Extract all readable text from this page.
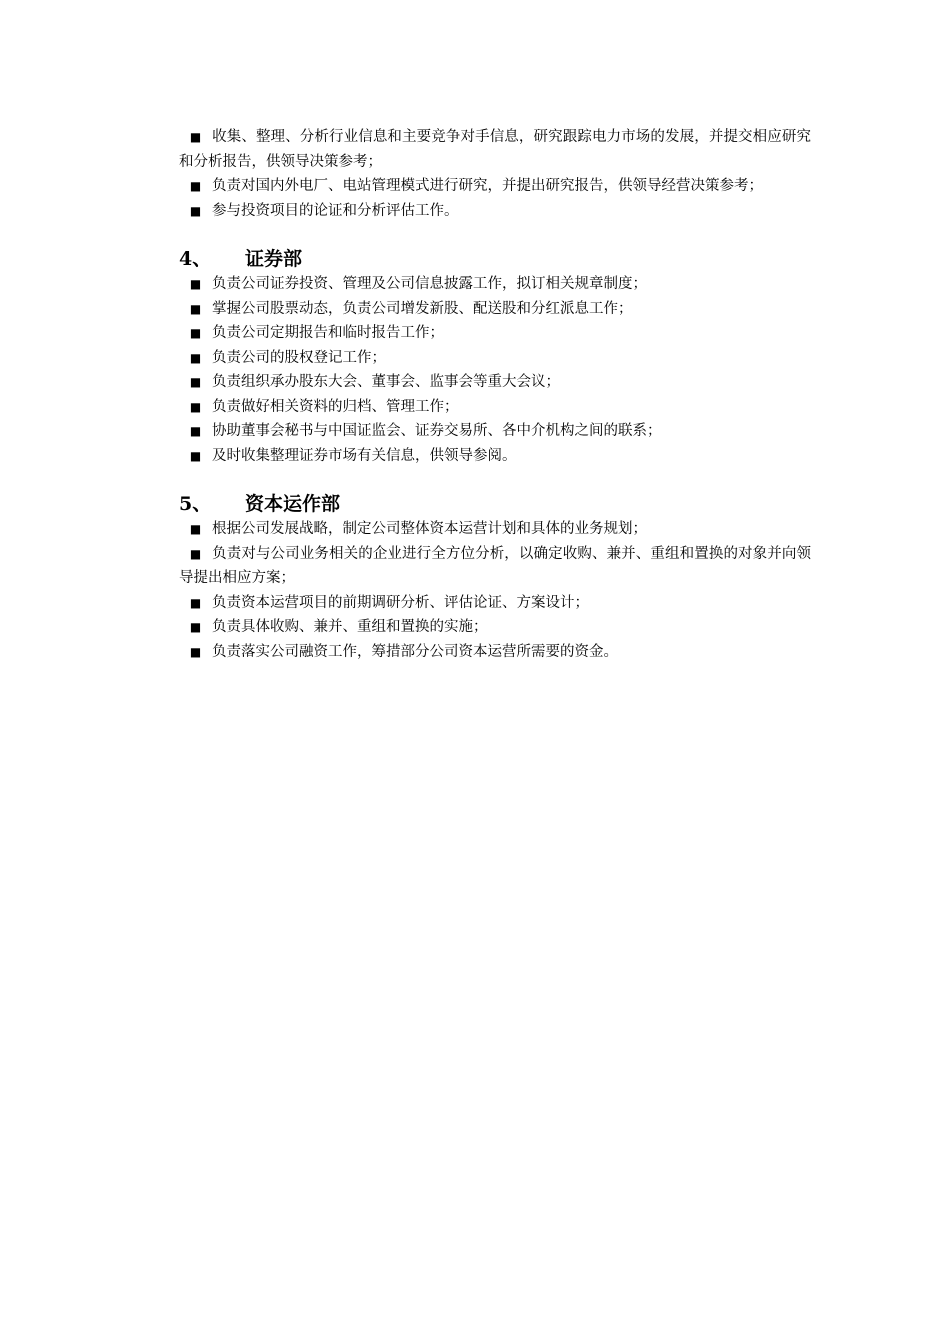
■ 收集、整理、分析行业信息和主要竞争对手信息，研究跟踪电力市场的发展，并提交相应研究和分析报告，供领导决策参考；

■ 负责对国内外电厂、电站管理模式进行研究，并提出研究报告，供领导经营决策参考；

■ 参与投资项目的论证和分析评估工作。

4、	证券部

■ 负责公司证券投资、管理及公司信息披露工作，拟订相关规章制度；

■ 掌握公司股票动态，负责公司增发新股、配送股和分红派息工作；

■ 负责公司定期报告和临时报告工作；

■ 负责公司的股权登记工作；

■ 负责组织承办股东大会、董事会、监事会等重大会议；

■ 负责做好相关资料的归档、管理工作；

■ 协助董事会秘书与中国证监会、证券交易所、各中介机构之间的联系；

■ 及时收集整理证券市场有关信息，供领导参阅。

5、	资本运作部

■ 根据公司发展战略，制定公司整体资本运营计划和具体的业务规划；

■ 负责对与公司业务相关的企业进行全方位分析，以确定收购、兼并、重组和置换的对象并向领导提出相应方案；

■ 负责资本运营项目的前期调研分析、评估论证、方案设计；

■ 负责具体收购、兼并、重组和置换的实施；

■ 负责落实公司融资工作，筹措部分公司资本运营所需要的资金。
